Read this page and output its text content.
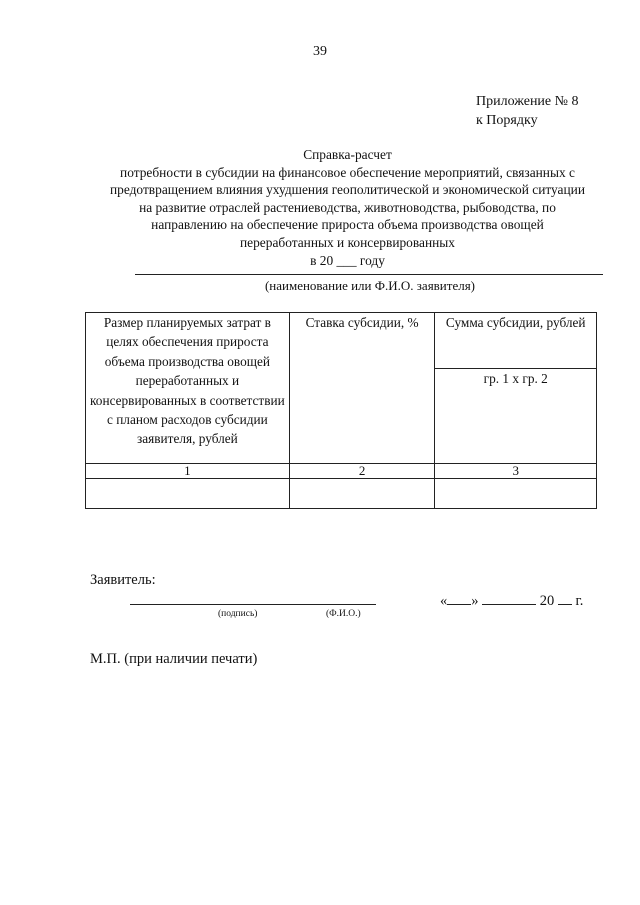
39
Приложение № 8
к Порядку
Справка-расчет
потребности в субсидии на финансовое обеспечение мероприятий, связанных с
предотвращением влияния ухудшения геополитической и экономической ситуации
на развитие отраслей растениеводства, животноводства, рыбоводства, по
направлению на обеспечение прироста объема производства овощей
переработанных и консервированных
в 20 ___ году
(наименование или Ф.И.О. заявителя)
Размер планируемых затрат в целях обеспечения прироста объема производства овощей переработанных и консервированных в соответствии с планом расходов субсидии заявителя, рублей	Ставка субсидии, %	Сумма субсидии, рублей
		гр. 1 х гр. 2
1	2	3

Заявитель:
(подпись)	(Ф.И.О.)
« »	20 г.
М.П. (при наличии печати)
